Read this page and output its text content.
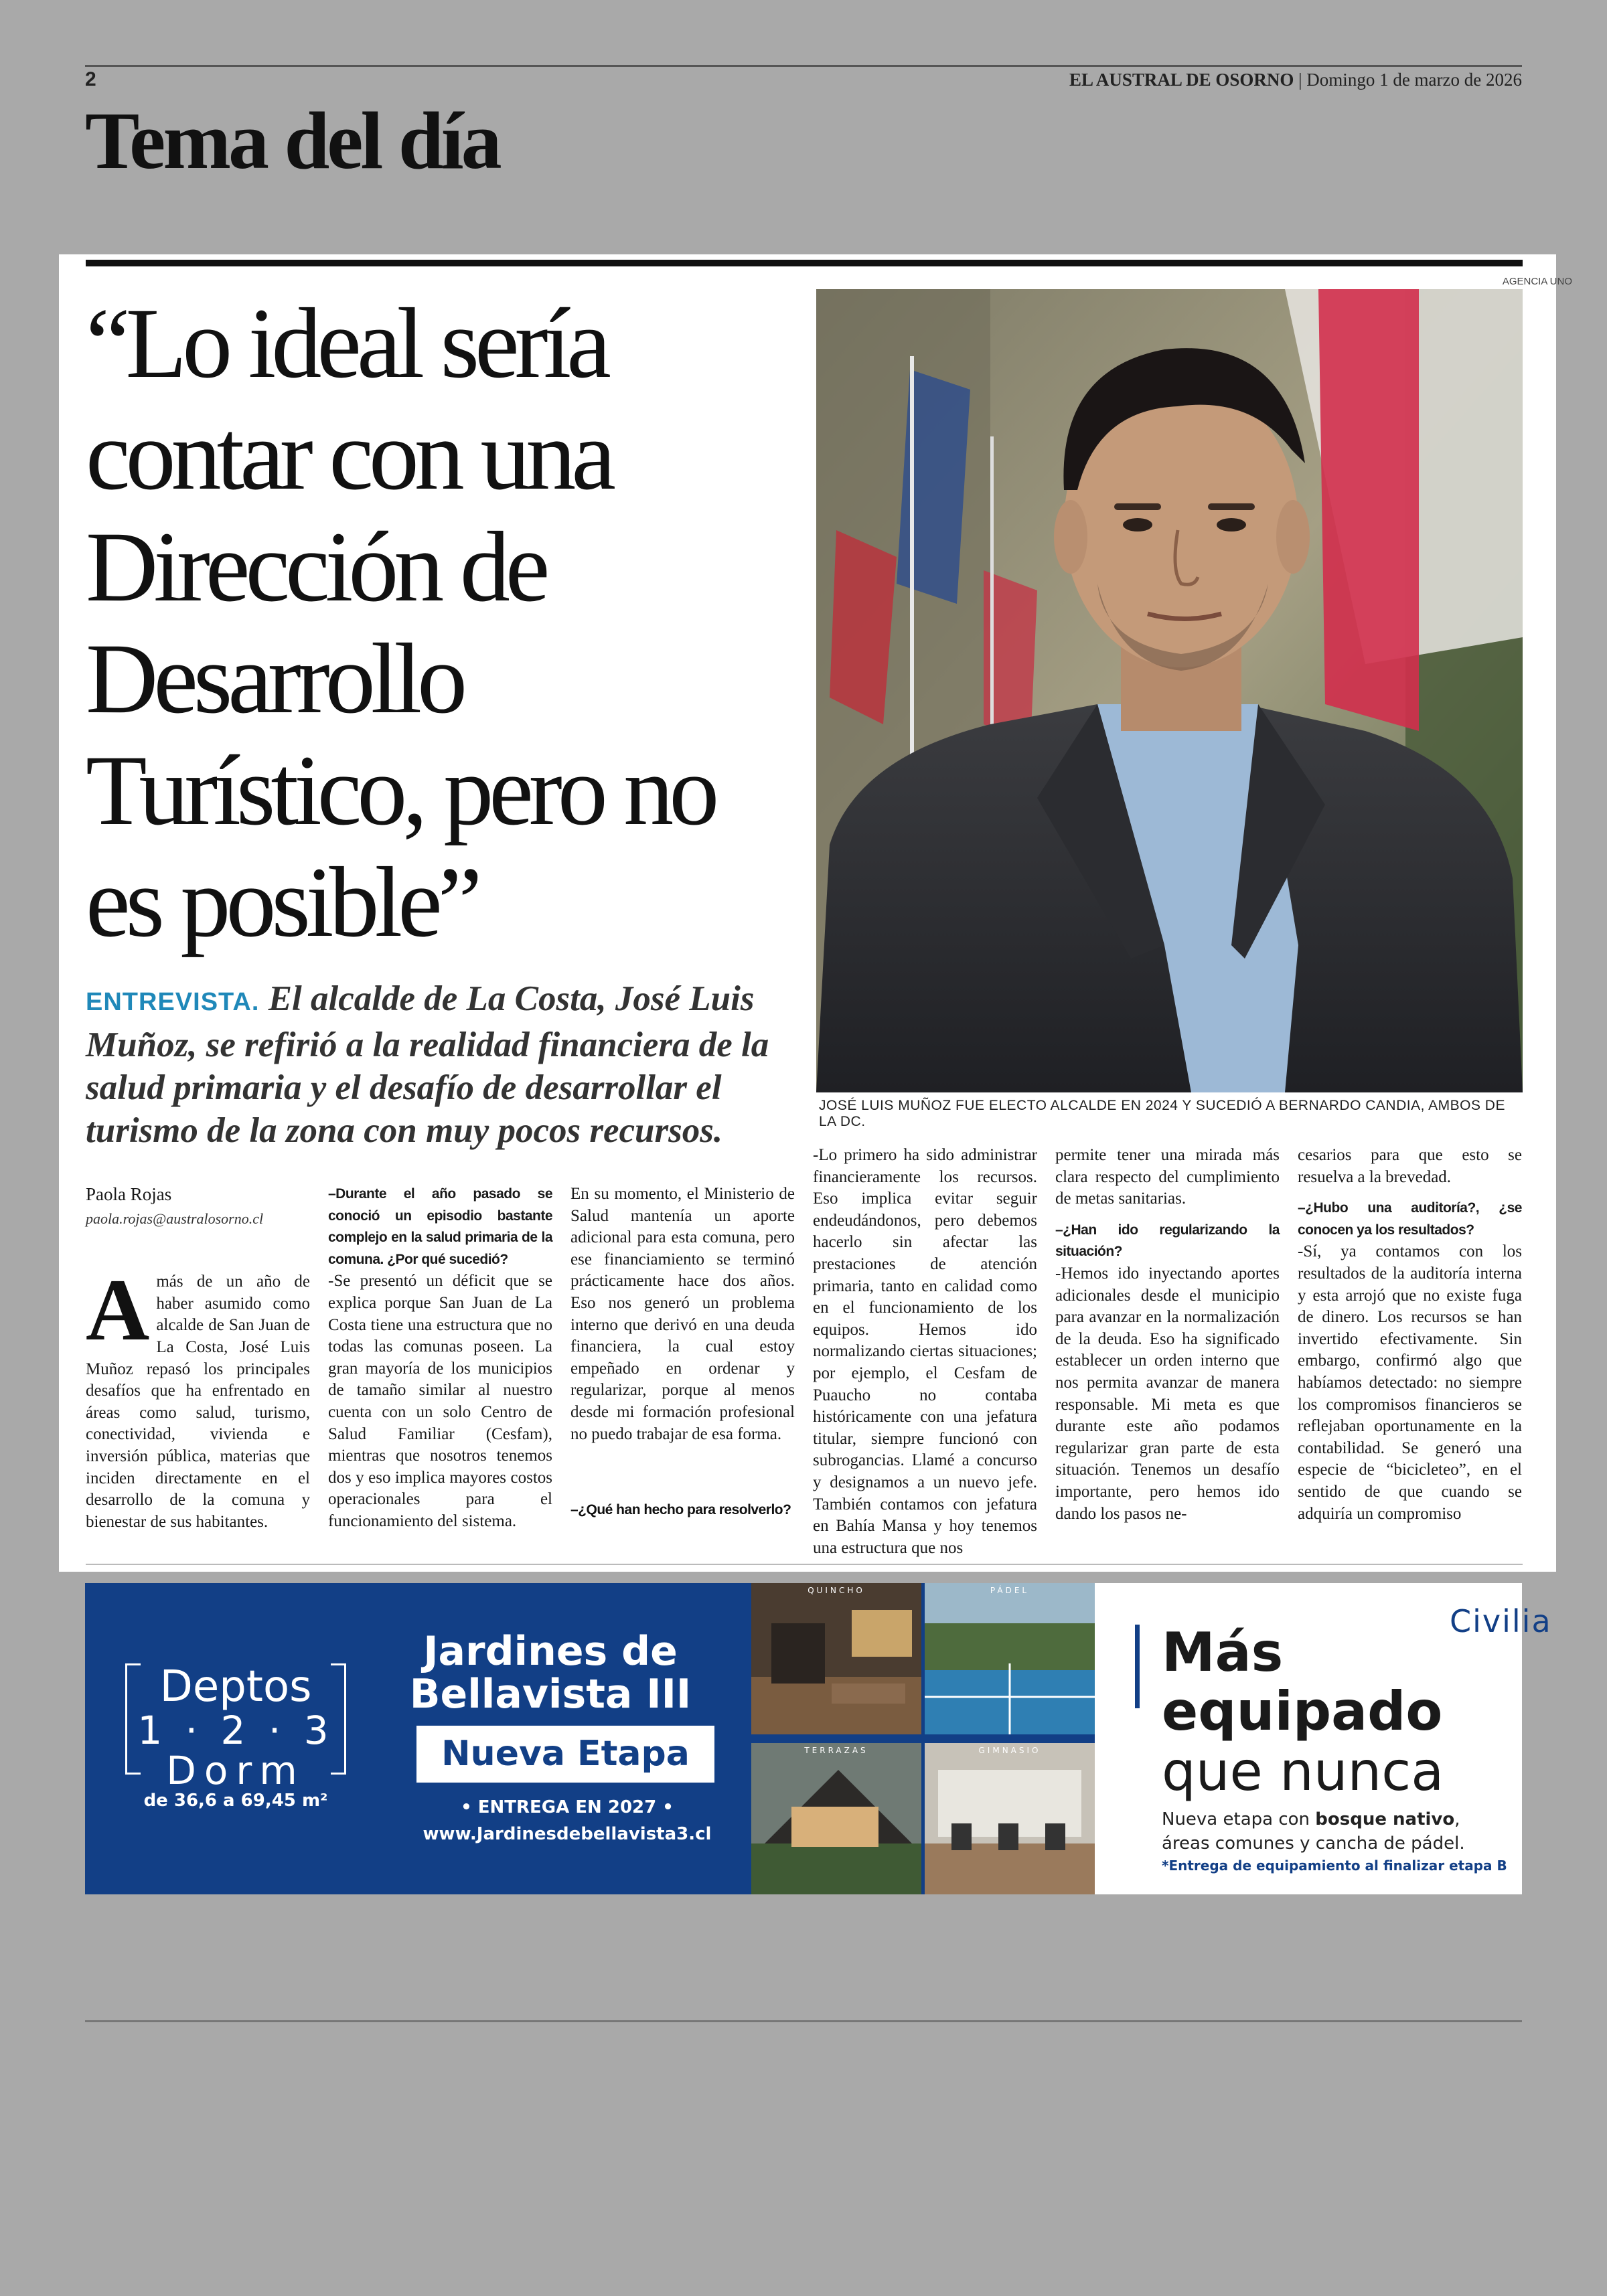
2	EL AUSTRAL DE OSORNO | Domingo 1 de marzo de 2026
Tema del día
“Lo ideal sería contar con una Dirección de Desarrollo Turístico, pero no es posible”
ENTREVISTA. El alcalde de La Costa, José Luis Muñoz, se refirió a la realidad financiera de la salud primaria y el desafío de desarrollar el turismo de la zona con muy pocos recursos.
AGENCIA UNO
JOSÉ LUIS MUÑOZ FUE ELECTO ALCALDE EN 2024 Y SUCEDIÓ A BERNARDO CANDIA, AMBOS DE LA DC.
Paola Rojas
paola.rojas@australosorno.cl

Amás de un año de haber asumido como alcalde de San Juan de La Costa, José Luis Muñoz repasó los principales desafíos que ha enfrentado en áreas como salud, turismo, conectividad, vivienda e inversión pública, materias que inciden directamente en el desarrollo de la comuna y bienestar de sus habitantes.

–Durante el año pasado se conoció un episodio bastante complejo en la salud primaria de la comuna. ¿Por qué sucedió?

-Se presentó un déficit que se explica porque San Juan de La Costa tiene una estructura que no todas las comunas poseen. La gran mayoría de los municipios de tamaño similar al nuestro cuenta con un solo Centro de Salud Familiar (Cesfam), mientras que nosotros tenemos dos y eso implica mayores costos operacionales para el funcionamiento del sistema.

En su momento, el Ministerio de Salud mantenía un aporte adicional para esta comuna, pero ese financiamiento se terminó prácticamente hace dos años. Eso nos generó un problema interno que derivó en una deuda financiera, la cual estoy empeñado en ordenar y regularizar, porque al menos desde mi formación profesional no puedo trabajar de esa forma.

-Lo primero ha sido administrar financieramente los recursos. Eso implica evitar seguir endeudándonos, pero debemos hacerlo sin afectar las prestaciones de atención primaria, tanto en calidad como en el funcionamiento de los equipos. Hemos ido normalizando ciertas situaciones; por ejemplo, el Cesfam de Puaucho no contaba históricamente con una jefatura titular, siempre funcionó con subrogancias. Llamé a concurso y designamos a un nuevo jefe. También contamos con jefatura en Bahía Mansa y hoy tenemos una estructura que nos

permite tener una mirada más clara respecto del cumplimiento de metas sanitarias.

–¿Han ido regularizando la situación?

-Hemos ido inyectando aportes adicionales desde el municipio para avanzar en la normalización de la deuda. Eso ha significado establecer un orden interno que nos permita avanzar de manera responsable. Mi meta es que durante este año podamos regularizar gran parte de esta situación. Tenemos un desafío importante, pero hemos ido dando los pasos ne-

cesarios para que esto se resuelva a la brevedad.

–¿Hubo una auditoría?, ¿se conocen ya los resultados?

-Sí, ya contamos con los resultados de la auditoría interna y esta arrojó que no existe fuga de dinero. Los recursos se han invertido efectivamente. Sin embargo, confirmó algo que habíamos detectado: no siempre los compromisos financieros se reflejaban oportunamente en la contabilidad. Se generó una especie de “bicicleteo”, en el sentido de que cuando se adquiría un compromiso

–¿Qué han hecho para resolverlo?
Deptos
1 · 2 · 3
Dorm
de 36,6 a 69,45 m²
Jardines de
Bellavista III
Nueva Etapa
• ENTREGA EN 2027 •
www.Jardinesdebellavista3.cl
QUINCHO	PÁDEL
TERRAZAS	GIMNASIO
Civilia
Más
equipado
que nunca
Nueva etapa con bosque nativo, áreas comunes y cancha de pádel.
*Entrega de equipamiento al finalizar etapa B
